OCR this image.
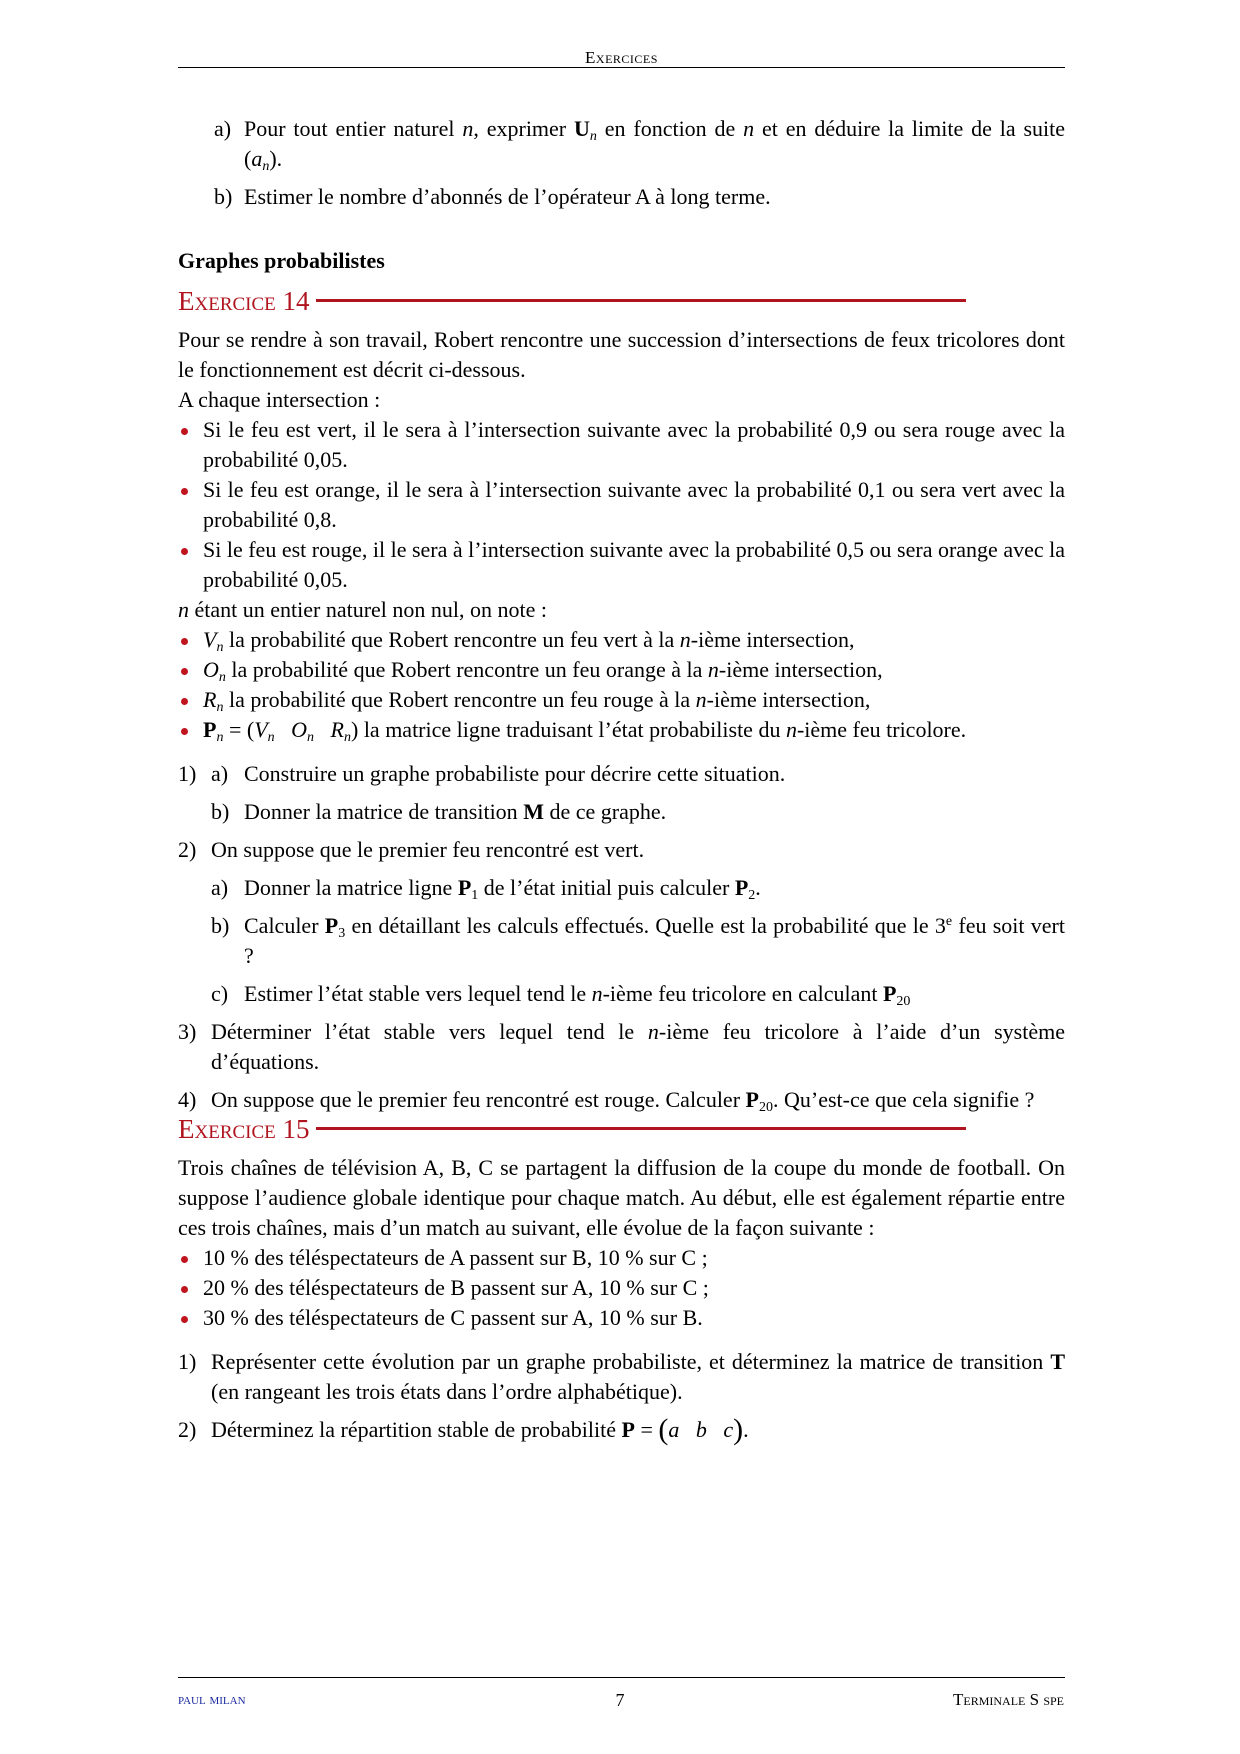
Exercices
a) Pour tout entier naturel n, exprimer $U_n$ en fonction de n et en déduire la limite de la suite $(a_n)$.
b) Estimer le nombre d’abonnés de l’opérateur A à long terme.
Graphes probabilistes
Exercice 14
Pour se rendre à son travail, Robert rencontre une succession d’intersections de feux tricolores dont le fonctionnement est décrit ci-dessous.
A chaque intersection :
Si le feu est vert, il le sera à l’intersection suivante avec la probabilité 0,9 ou sera rouge avec la probabilité 0,05.
Si le feu est orange, il le sera à l’intersection suivante avec la probabilité 0,1 ou sera vert avec la probabilité 0,8.
Si le feu est rouge, il le sera à l’intersection suivante avec la probabilité 0,5 ou sera orange avec la probabilité 0,05.
n étant un entier naturel non nul, on note :
$V_n$ la probabilité que Robert rencontre un feu vert à la n-ième intersection,
$O_n$ la probabilité que Robert rencontre un feu orange à la n-ième intersection,
$R_n$ la probabilité que Robert rencontre un feu rouge à la n-ième intersection,
$P_n = (V_n$ $O_n$ $R_n$) la matrice ligne traduisant l’état probabiliste du n-ième feu tricolore.
1) a) Construire un graphe probabiliste pour décrire cette situation.
b) Donner la matrice de transition M de ce graphe.
2) On suppose que le premier feu rencontré est vert.
a) Donner la matrice ligne $P_1$ de l’état initial puis calculer $P_2$.
b) Calculer $P_3$ en détaillant les calculs effectués. Quelle est la probabilité que le 3e feu soit vert ?
c) Estimer l’état stable vers lequel tend le n-ième feu tricolore en calculant $P_{20}$
3) Déterminer l’état stable vers lequel tend le n-ième feu tricolore à l’aide d’un système d’équations.
4) On suppose que le premier feu rencontré est rouge. Calculer $P_{20}$. Qu’est-ce que cela signifie ?
Exercice 15
Trois chaînes de télévision A, B, C se partagent la diffusion de la coupe du monde de football. On suppose l’audience globale identique pour chaque match. Au début, elle est également répartie entre ces trois chaînes, mais d’un match au suivant, elle évolue de la façon suivante :
10 % des téléspectateurs de A passent sur B, 10 % sur C ;
20 % des téléspectateurs de B passent sur A, 10 % sur C ;
30 % des téléspectateurs de C passent sur A, 10 % sur B.
1) Représenter cette évolution par un graphe probabiliste, et déterminez la matrice de transition T (en rangeant les trois états dans l’ordre alphabétique).
2) Déterminez la répartition stable de probabilité P = (a b c).
paul milan	7	Terminale S spe
